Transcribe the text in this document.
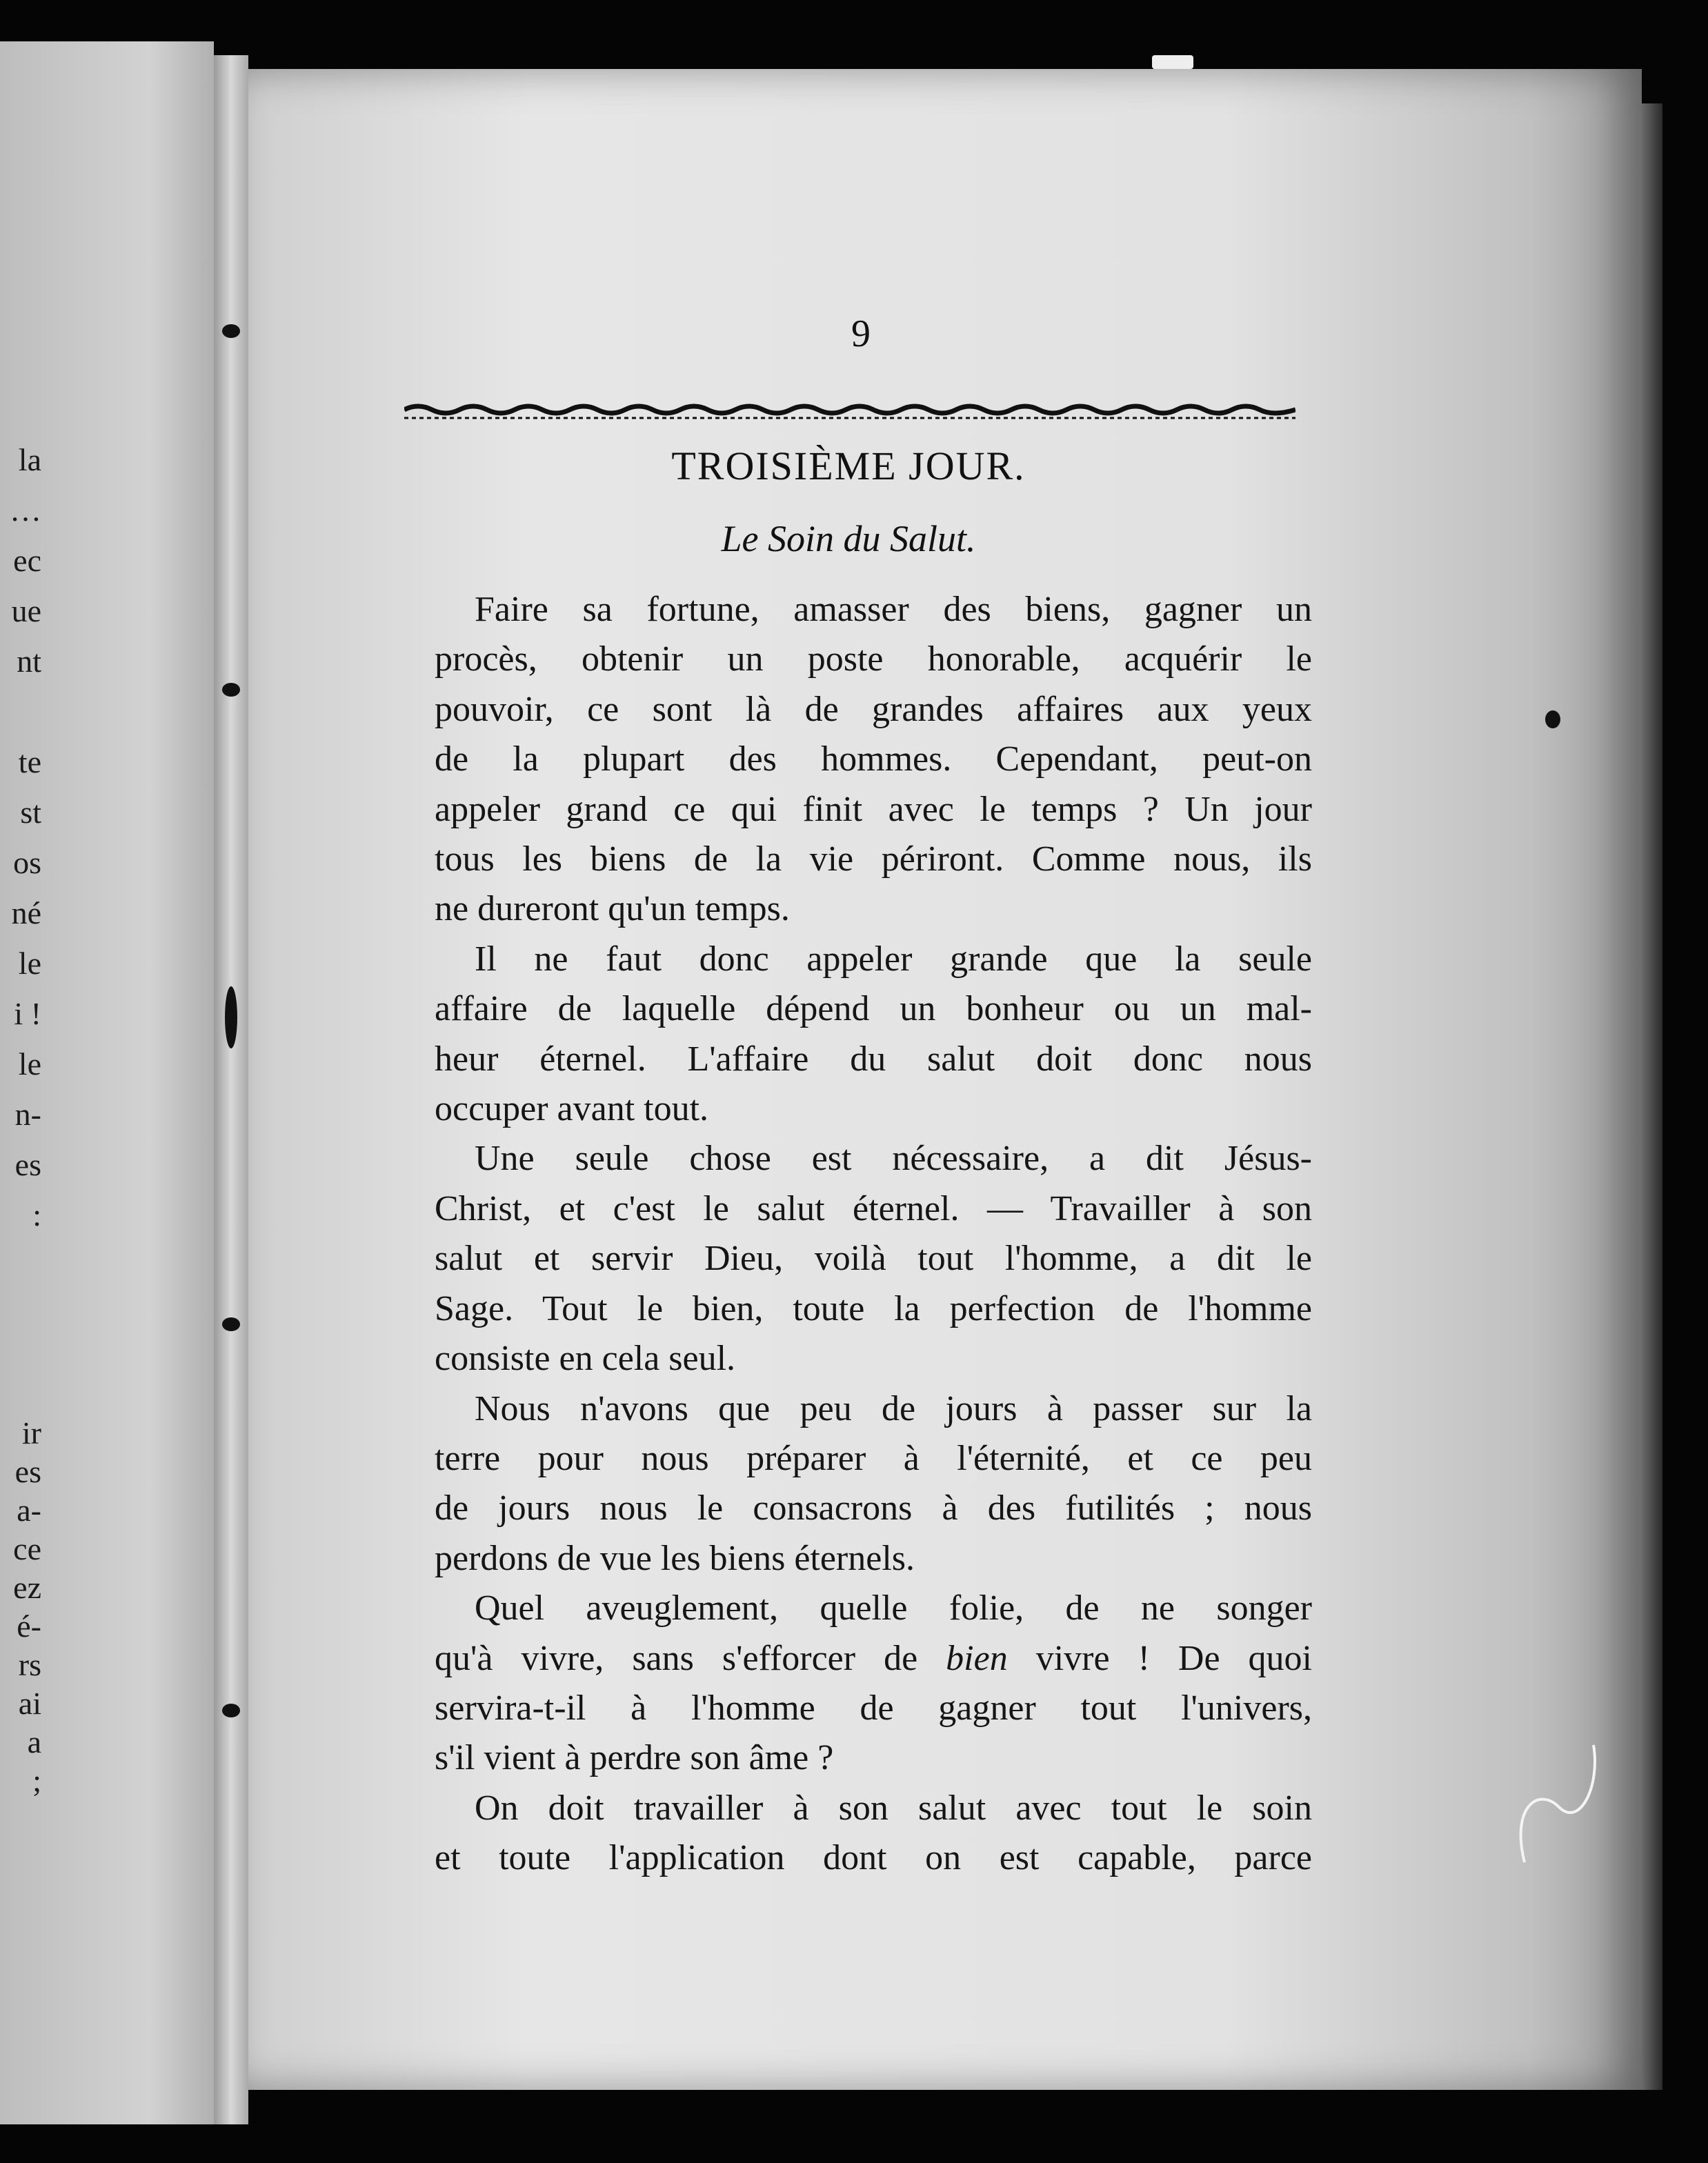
la
…
ec
ue
nt

te
st
os
né
le
i !
le
n-
es
:
ir
es
a-
ce
ez
é-
rs
ai
a
;
9
TROISIÈME JOUR.
Le Soin du Salut.
Faire sa fortune, amasser des biens, gagner un
procès, obtenir un poste honorable, acquérir le
pouvoir, ce sont là de grandes affaires aux yeux
de la plupart des hommes. Cependant, peut-on
appeler grand ce qui finit avec le temps ? Un jour
tous les biens de la vie périront. Comme nous, ils
ne dureront qu'un temps.
Il ne faut donc appeler grande que la seule
affaire de laquelle dépend un bonheur ou un mal-
heur éternel. L'affaire du salut doit donc nous
occuper avant tout.
Une seule chose est nécessaire, a dit Jésus-
Christ, et c'est le salut éternel. — Travailler à son
salut et servir Dieu, voilà tout l'homme, a dit le
Sage. Tout le bien, toute la perfection de l'homme
consiste en cela seul.
Nous n'avons que peu de jours à passer sur la
terre pour nous préparer à l'éternité, et ce peu
de jours nous le consacrons à des futilités ; nous
perdons de vue les biens éternels.
Quel aveuglement, quelle folie, de ne songer
qu'à vivre, sans s'efforcer de bien vivre ! De quoi
servira-t-il à l'homme de gagner tout l'univers,
s'il vient à perdre son âme ?
On doit travailler à son salut avec tout le soin
et toute l'application dont on est capable, parce
